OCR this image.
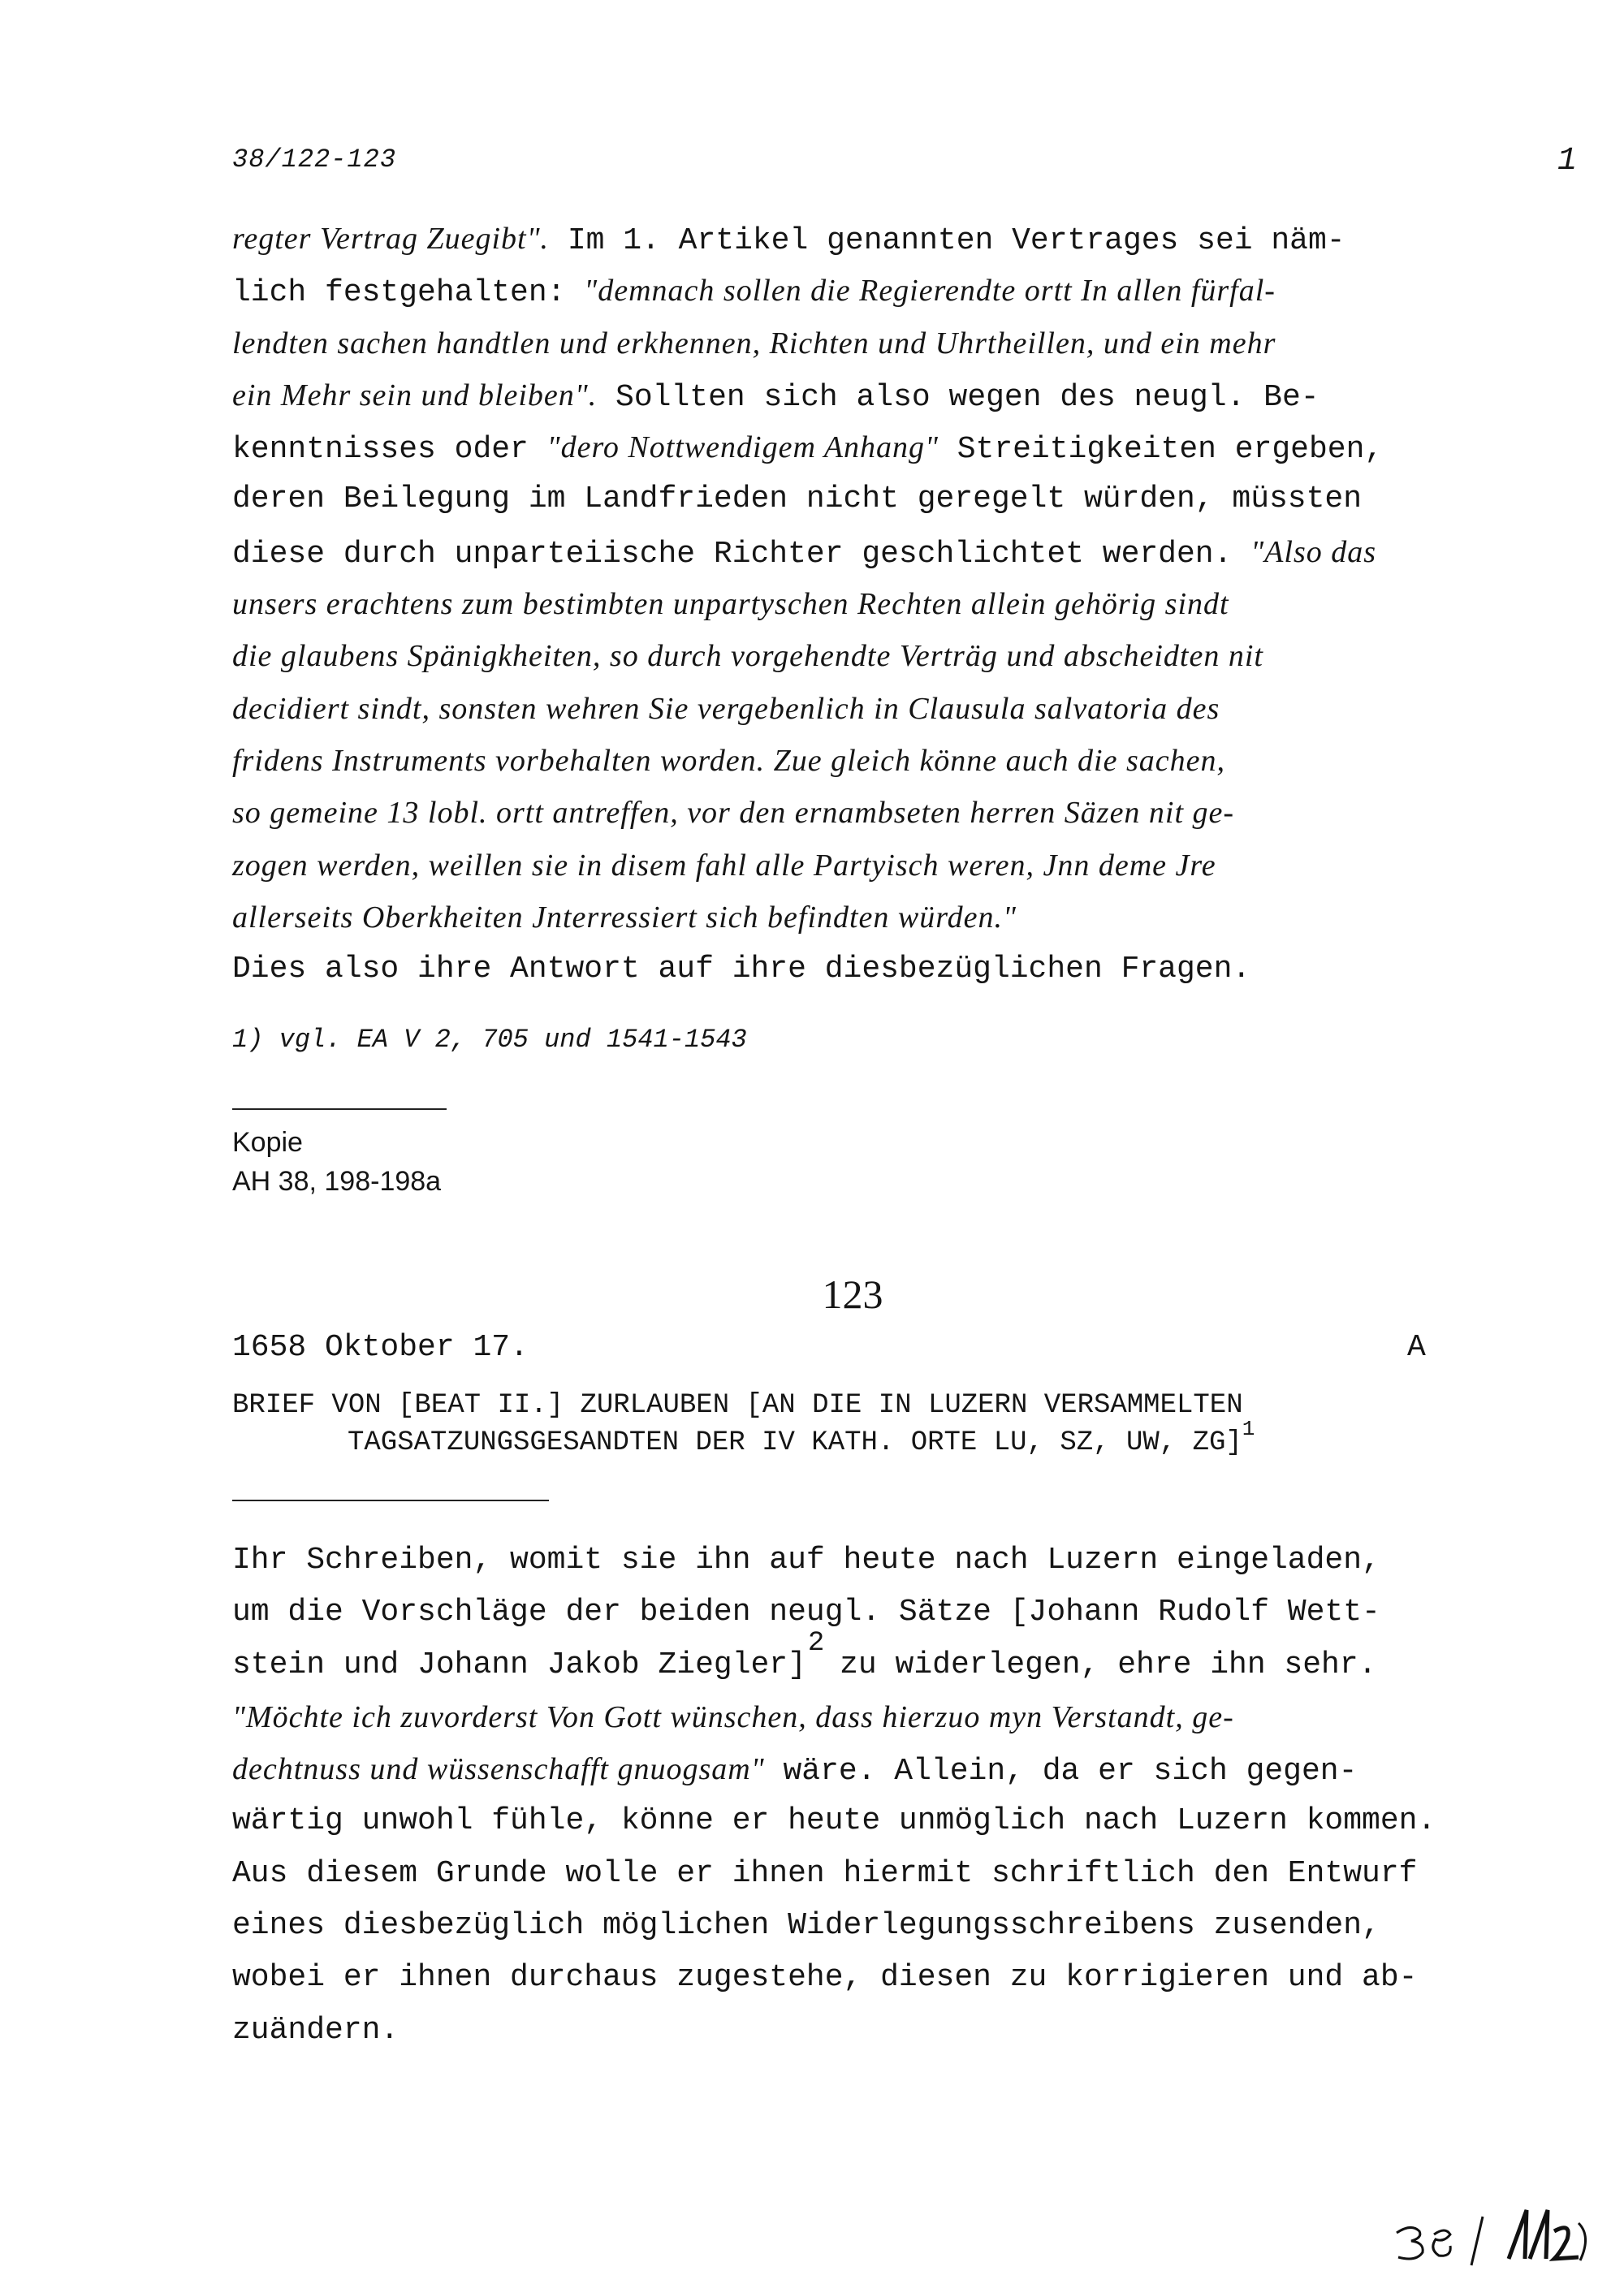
38/122-123	1
regter Vertrag Zuegibt". Im 1. Artikel genannten Vertrages sei näm-
lich festgehalten: "demnach sollen die Regierendte ortt In allen fürfal-
lendten sachen handtlen und erkhennen, Richten und Uhrtheillen, und ein mehr
ein Mehr sein und bleiben". Sollten sich also wegen des neugl. Be-
kenntnisses oder "dero Nottwendigem Anhang" Streitigkeiten ergeben,
deren Beilegung im Landfrieden nicht geregelt würden, müssten
diese durch unparteiische Richter geschlichtet werden. "Also das
unsers erachtens zum bestimbten unpartyschen Rechten allein gehörig sindt
die glaubens Spänigkheiten, so durch vorgehendte Verträg und abscheidten nit
decidiert sindt, sonsten wehren Sie vergebenlich in Clausula salvatoria des
fridens Instruments vorbehalten worden. Zue gleich könne auch die sachen,
so gemeine 13 lobl. ortt antreffen, vor den ernambseten herren Säzen nit ge-
zogen werden, weillen sie in disem fahl alle Partyisch weren, Jnn deme Jre
allerseits Oberkheiten Jnterressiert sich befindten würden."
Dies also ihre Antwort auf ihre diesbezüglichen Fragen.
1) vgl. EA V 2, 705 und 1541-1543
Kopie
AH 38, 198-198a
123
1658 Oktober 17.	A
BRIEF VON [BEAT II.] ZURLAUBEN [AN DIE IN LUZERN VERSAMMELTEN
TAGSATZUNGSGESANDTEN DER IV KATH. ORTE LU, SZ, UW, ZG]$^1$
Ihr Schreiben, womit sie ihn auf heute nach Luzern eingeladen,
um die Vorschläge der beiden neugl. Sätze [Johann Rudolf Wett-
stein und Johann Jakob Ziegler]2 zu widerlegen, ehre ihn sehr.
"Möchte ich zuvorderst Von Gott wünschen, dass hierzuo myn Verstandt, ge-
dechtnuss und wüssenschafft gnuogsam" wäre. Allein, da er sich gegen-
wärtig unwohl fühle, könne er heute unmöglich nach Luzern kommen.
Aus diesem Grunde wolle er ihnen hiermit schriftlich den Entwurf
eines diesbezüglich möglichen Widerlegungsschreibens zusenden,
wobei er ihnen durchaus zugestehe, diesen zu korrigieren und ab-
zuändern.
